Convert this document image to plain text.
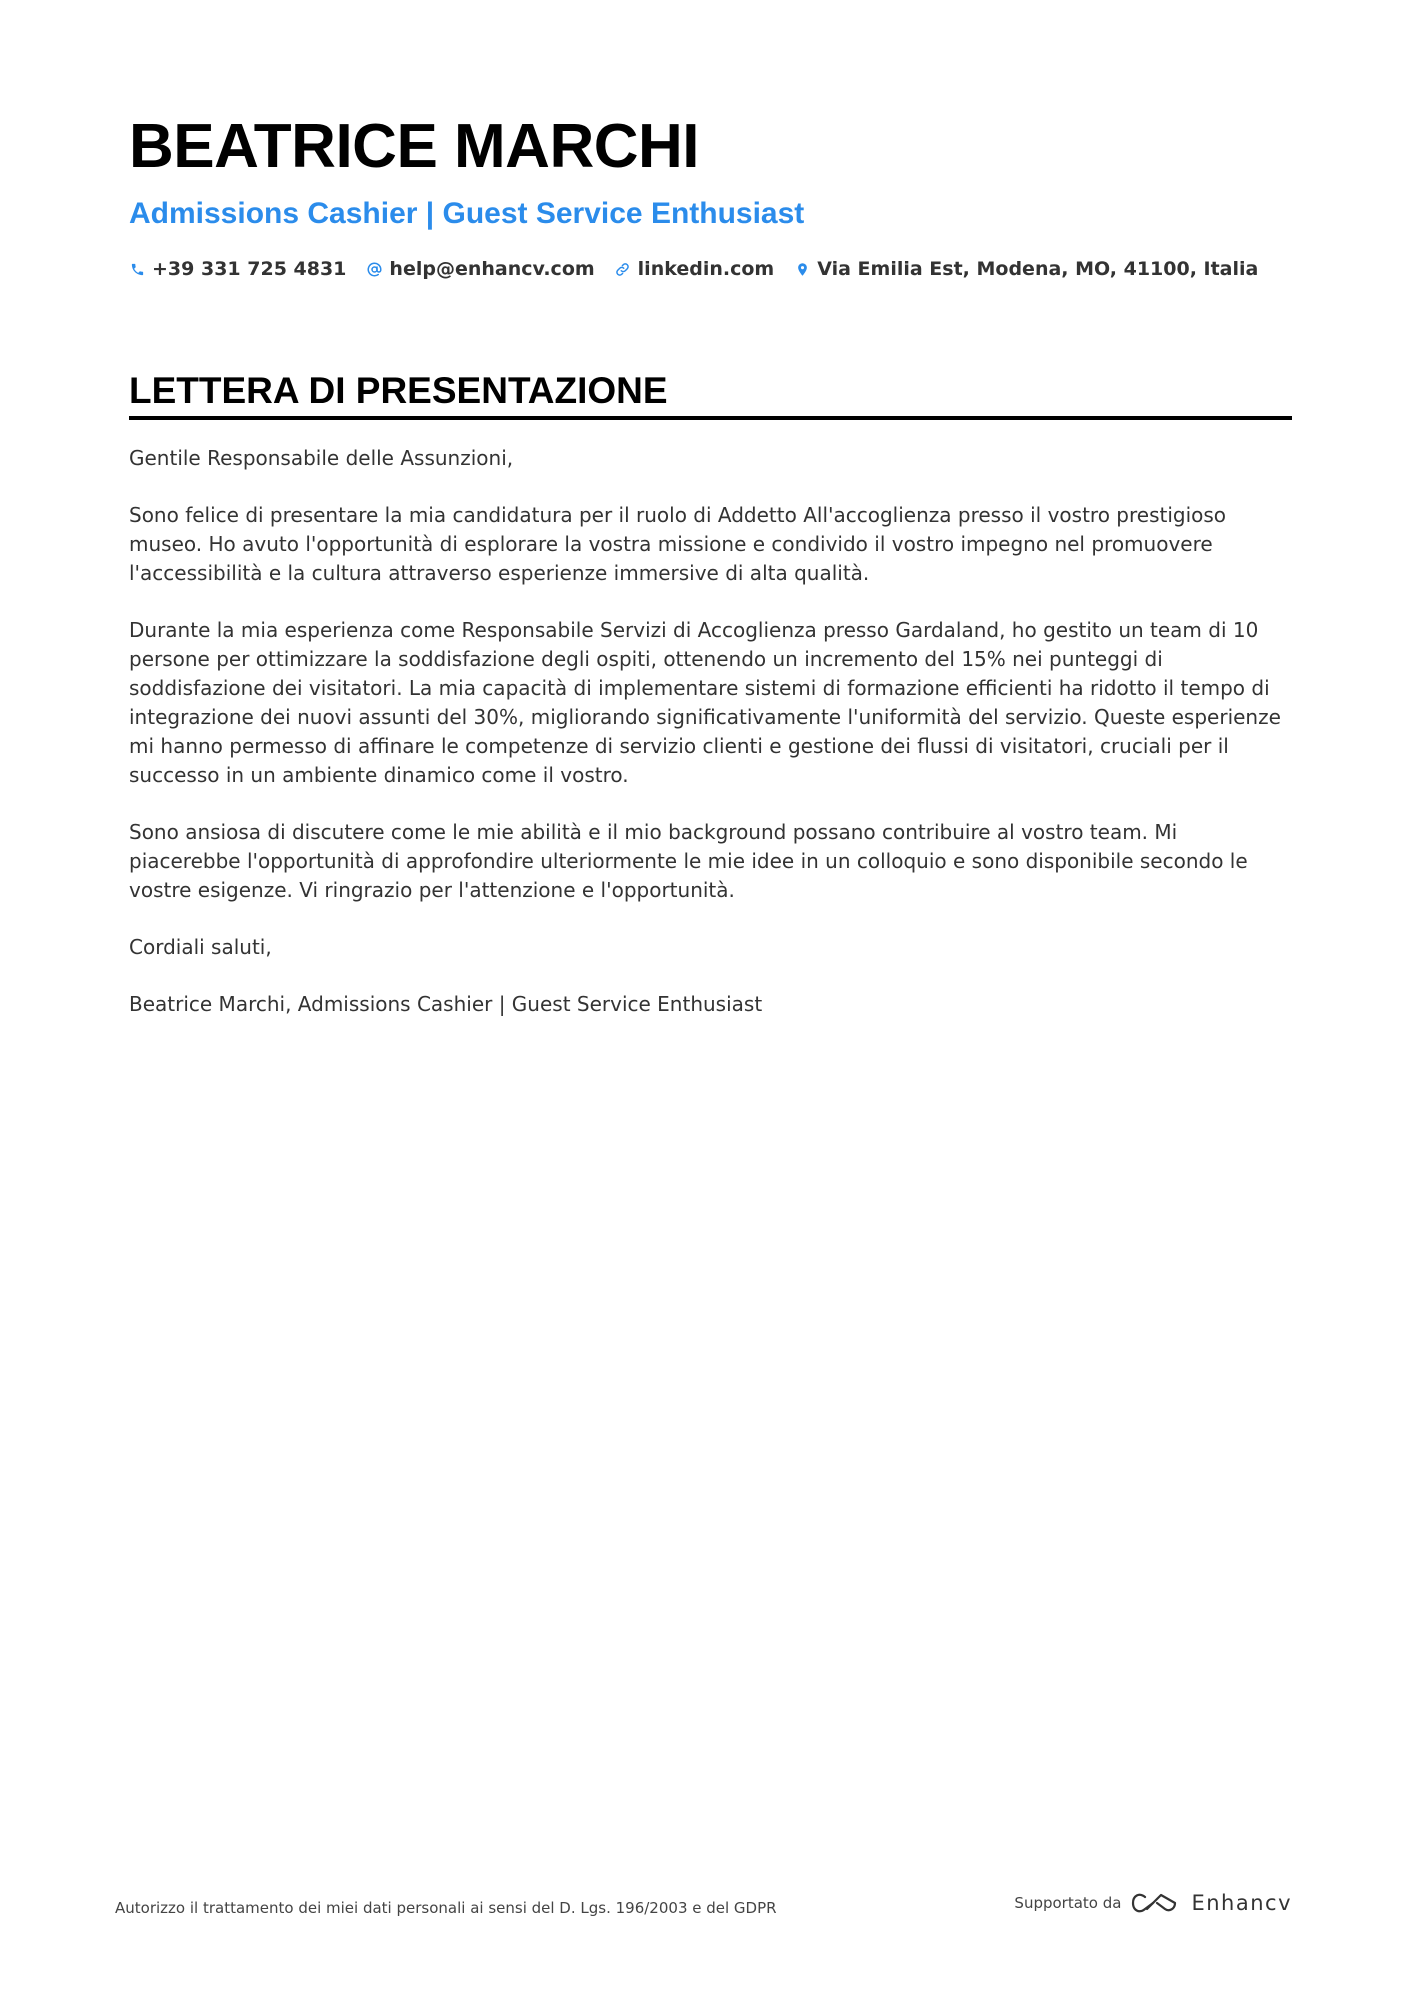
BEATRICE MARCHI
Admissions Cashier | Guest Service Enthusiast
+39 331 725 4831 help@enhancv.com linkedin.com Via Emilia Est, Modena, MO, 41100, Italia
LETTERA DI PRESENTAZIONE

Gentile Responsabile delle Assunzioni,

Sono felice di presentare la mia candidatura per il ruolo di Addetto All'accoglienza presso il vostro prestigioso museo. Ho avuto l'opportunità di esplorare la vostra missione e condivido il vostro impegno nel promuovere l'accessibilità e la cultura attraverso esperienze immersive di alta qualità.

Durante la mia esperienza come Responsabile Servizi di Accoglienza presso Gardaland, ho gestito un team di 10 persone per ottimizzare la soddisfazione degli ospiti, ottenendo un incremento del 15% nei punteggi di soddisfazione dei visitatori. La mia capacità di implementare sistemi di formazione efficienti ha ridotto il tempo di integrazione dei nuovi assunti del 30%, migliorando significativamente l'uniformità del servizio. Queste esperienze mi hanno permesso di affinare le competenze di servizio clienti e gestione dei flussi di visitatori, cruciali per il successo in un ambiente dinamico come il vostro.

Sono ansiosa di discutere come le mie abilità e il mio background possano contribuire al vostro team. Mi piacerebbe l'opportunità di approfondire ulteriormente le mie idee in un colloquio e sono disponibile secondo le vostre esigenze. Vi ringrazio per l'attenzione e l'opportunità.

Cordiali saluti,

Beatrice Marchi, Admissions Cashier | Guest Service Enthusiast

Autorizzo il trattamento dei miei dati personali ai sensi del D. Lgs. 196/2003 e del GDPR	Supportato da	Enhancv
